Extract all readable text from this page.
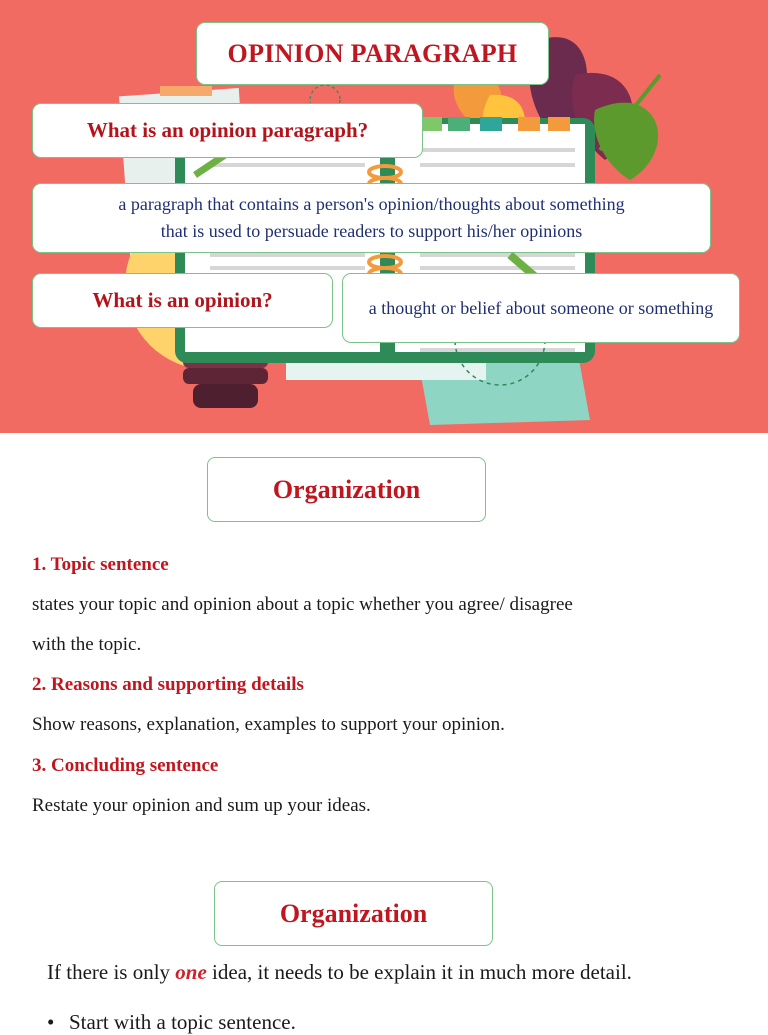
OPINION PARAGRAPH
What is an opinion paragraph?
a paragraph that contains a person's opinion/thoughts about something
that is used to persuade readers to support his/her opinions
What is an opinion?	a thought or belief about someone or something
Organization
1. Topic sentence
states your topic and opinion about a topic whether you agree/ disagree
with the topic.
2. Reasons and supporting details
Show reasons, explanation, examples to support your opinion.
3. Concluding sentence
Restate your opinion and sum up your ideas.
Organization
If there is only one idea, it needs to be explain it in much more detail.
• Start with a topic sentence.
